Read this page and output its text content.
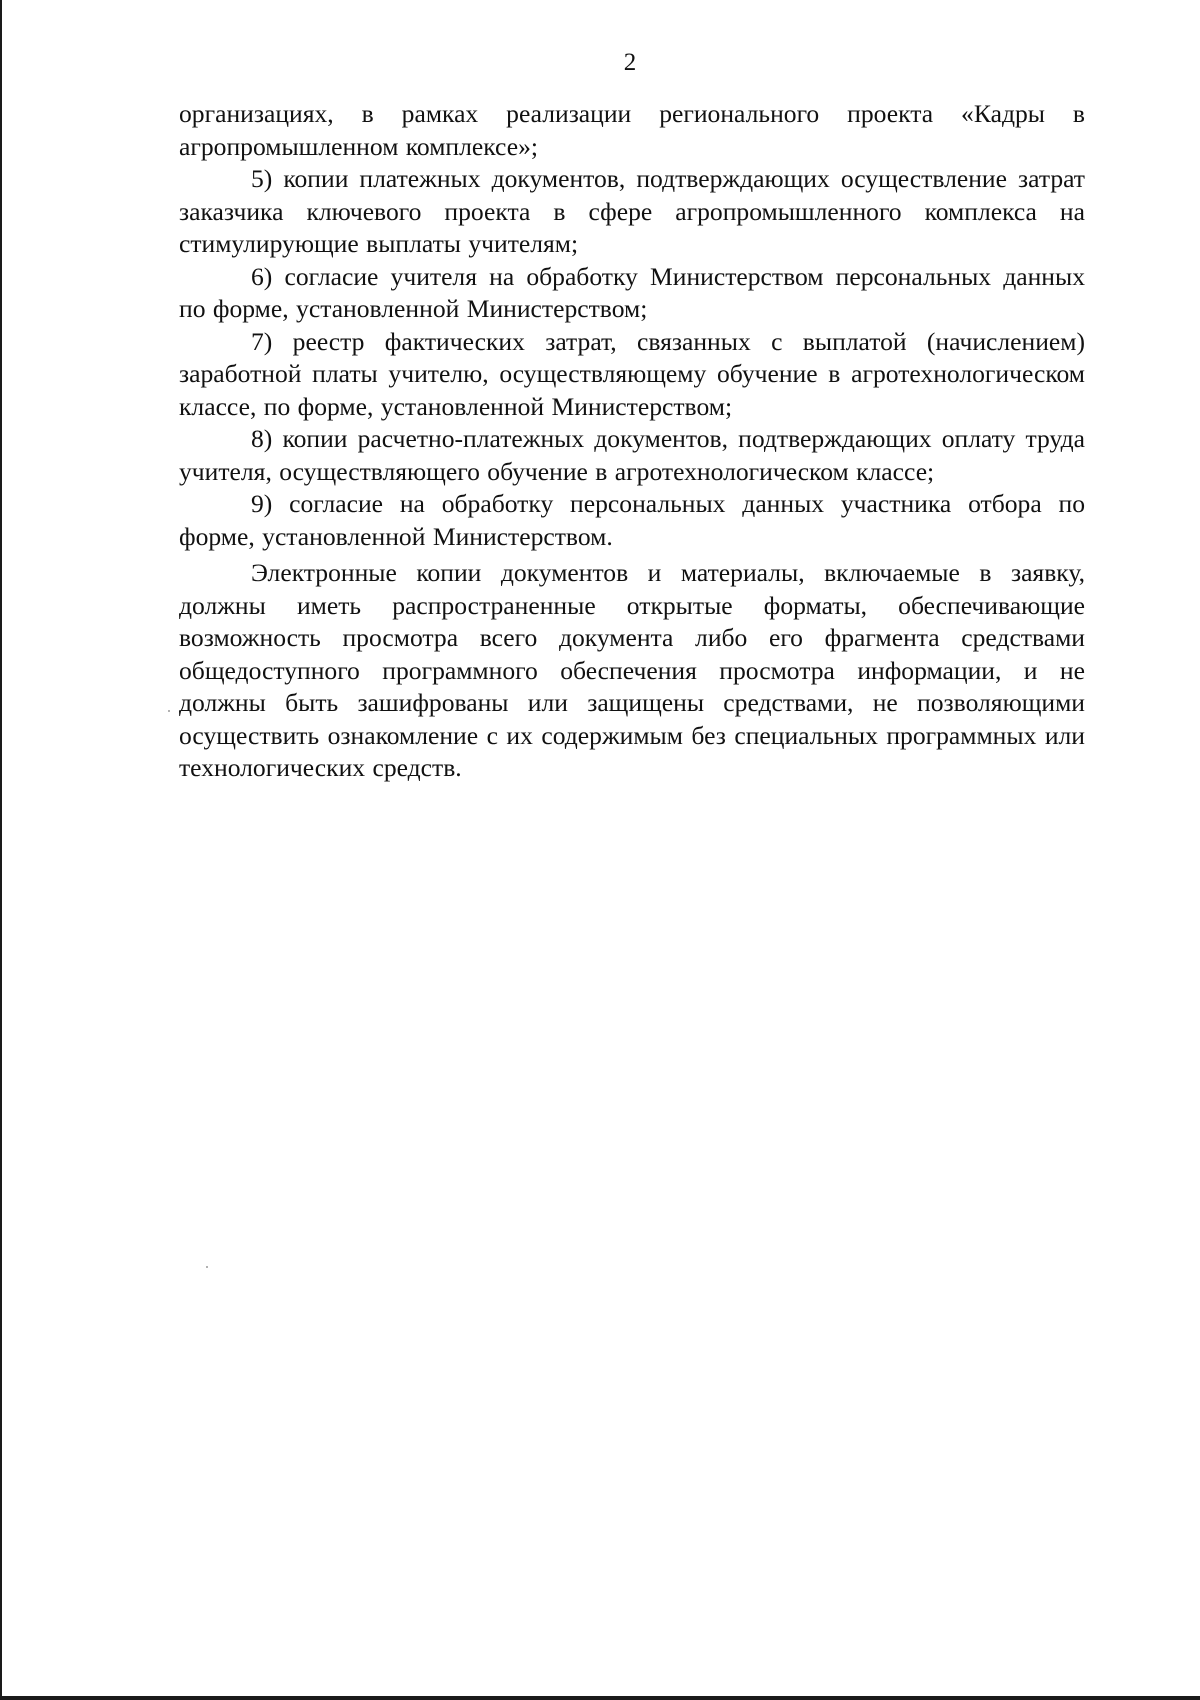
2

организациях, в рамках реализации регионального проекта «Кадры в агропромышленном комплексе»;

5) копии платежных документов, подтверждающих осуществление затрат заказчика ключевого проекта в сфере агропромышленного комплекса на стимулирующие выплаты учителям;

6) согласие учителя на обработку Министерством персональных данных по форме, установленной Министерством;

7) реестр фактических затрат, связанных с выплатой (начислением) заработной платы учителю, осуществляющему обучение в агротехнологическом классе, по форме, установленной Министерством;

8) копии расчетно-платежных документов, подтверждающих оплату труда учителя, осуществляющего обучение в агротехнологическом классе;

9) согласие на обработку персональных данных участника отбора по форме, установленной Министерством.

Электронные копии документов и материалы, включаемые в заявку, должны иметь распространенные открытые форматы, обеспечивающие возможность просмотра всего документа либо его фрагмента средствами общедоступного программного обеспечения просмотра информации, и не должны быть зашифрованы или защищены средствами, не позволяющими осуществить ознакомление с их содержимым без специальных программных или технологических средств.
